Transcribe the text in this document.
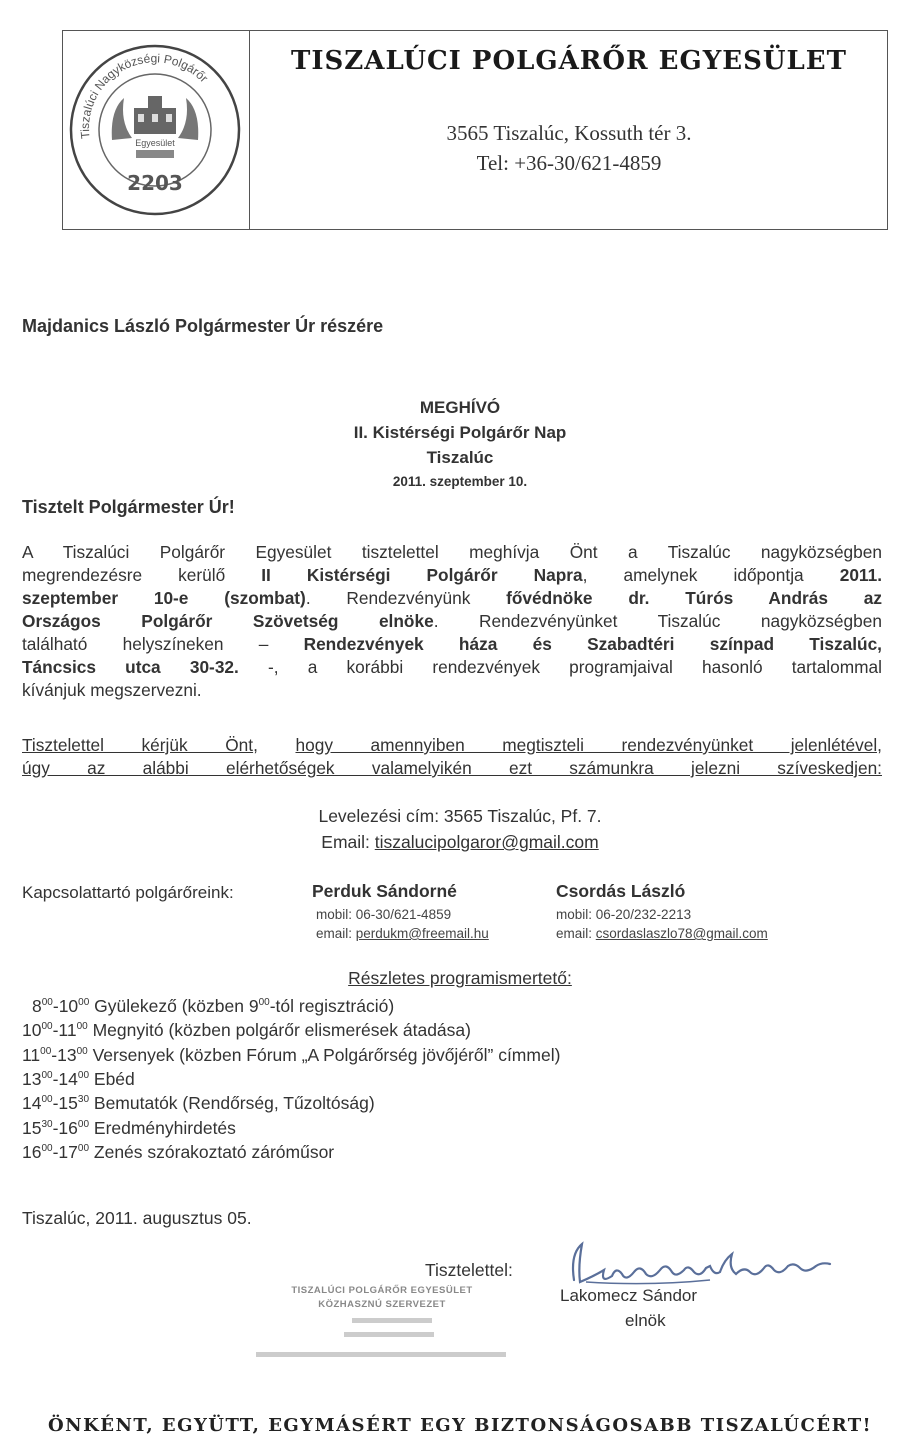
Tiszalúci Nagyközségi Polgárőr
Egyesület
2203
TISZALÚCI POLGÁRŐR EGYESÜLET
3565 Tiszalúc, Kossuth tér 3.
Tel: +36-30/621-4859
Majdanics László Polgármester Úr részére
MEGHÍVÓ
II. Kistérségi Polgárőr Nap
Tiszalúc
2011. szeptember 10.
Tisztelt Polgármester Úr!
A Tiszalúci Polgárőr Egyesület tisztelettel meghívja Önt a Tiszalúc nagyközségben
megrendezésre kerülő II Kistérségi Polgárőr Napra, amelynek időpontja 2011.
szeptember 10-e (szombat). Rendezvényünk fővédnöke dr. Túrós András az
Országos Polgárőr Szövetség elnöke. Rendezvényünket Tiszalúc nagyközségben
található helyszíneken – Rendezvények háza és Szabadtéri színpad Tiszalúc,
Táncsics utca 30-32. -, a korábbi rendezvények programjaival hasonló tartalommal
kívánjuk megszervezni.
Tisztelettel kérjük Önt, hogy amennyiben megtiszteli rendezvényünket jelenlétével,
úgy az alábbi elérhetőségek valamelyikén ezt számunkra jelezni szíveskedjen:
Levelezési cím: 3565 Tiszalúc, Pf. 7.
Email: tiszalucipolgaror@gmail.com
Kapcsolattartó polgárőreink:	Perduk Sándorné
mobil: 06-30/621-4859
email: perdukm@freemail.hu
Csordás László
mobil: 06-20/232-2213
email: csordaslaszlo78@gmail.com
Részletes programismertető:
$8^{00}-10^{00}$ Gyülekező (közben $9^{00}$-tól regisztráció)
$10^{00}-11^{00}$ Megnyitó (közben polgárőr elismerések átadása)
$11^{00}-13^{00}$ Versenyek (közben Fórum „A Polgárőrség jövőjéről” címmel)
$13^{00}-14^{00}$ Ebéd
$14^{00}-15^{30}$ Bemutatók (Rendőrség, Tűzoltóság)
$15^{30}-16^{00}$ Eredményhirdetés
$16^{00}-17^{00}$ Zenés szórakoztató záróműsor
Tiszalúc, 2011. augusztus 05.
Tisztelettel:
Lakomecz Sándor
elnök
TISZALÚCI POLGÁRŐR EGYESÜLET
KÖZHASZNÚ SZERVEZET
ÖNKÉNT, EGYÜTT, EGYMÁSÉRT EGY BIZTONSÁGOSABB TISZALÚCÉRT!
